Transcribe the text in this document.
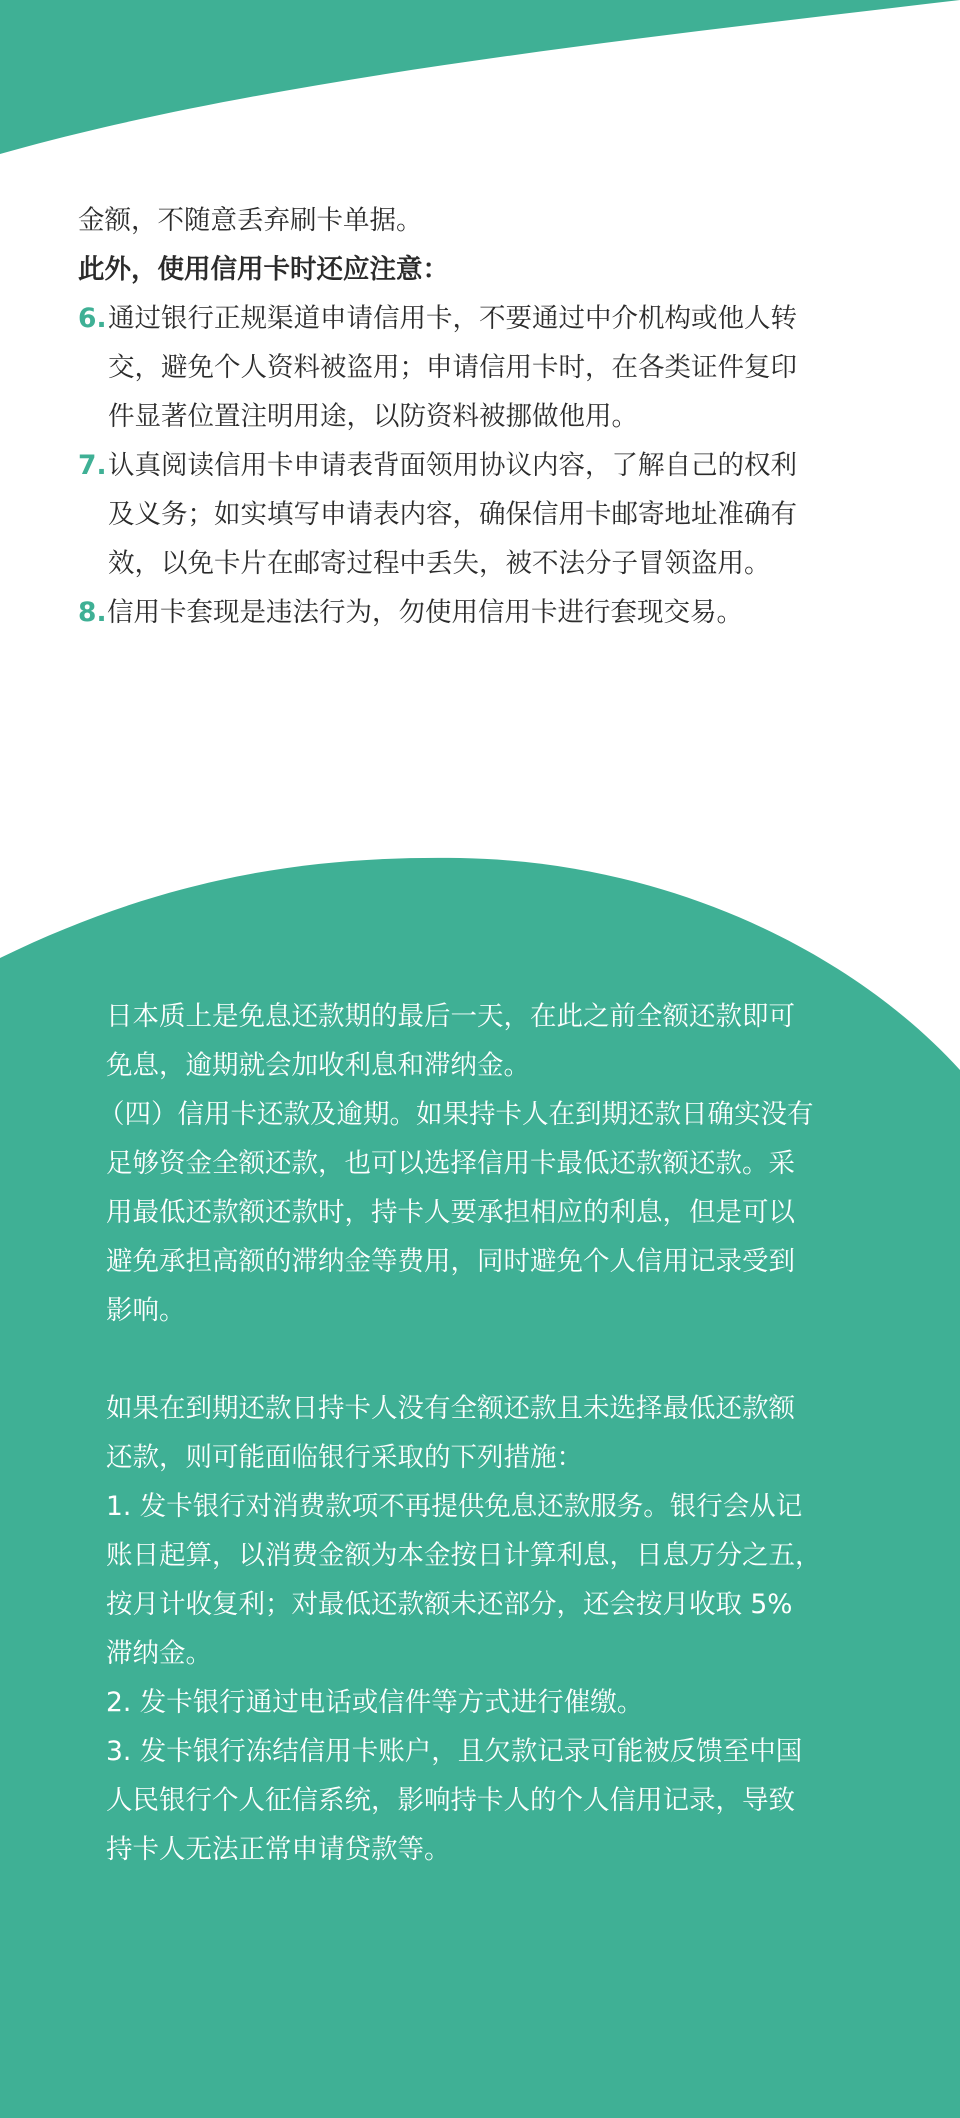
金额，不随意丢弃刷卡单据。

此外，使用信用卡时还应注意：

6. 通过银行正规渠道申请信用卡，不要通过中介机构或他人转

交，避免个人资料被盗用；申请信用卡时，在各类证件复印

件显著位置注明用途，以防资料被挪做他用。

7. 认真阅读信用卡申请表背面领用协议内容，了解自己的权利

及义务；如实填写申请表内容，确保信用卡邮寄地址准确有

效，以免卡片在邮寄过程中丢失，被不法分子冒领盗用。

8. 信用卡套现是违法行为，勿使用信用卡进行套现交易。

日本质上是免息还款期的最后一天，在此之前全额还款即可

免息，逾期就会加收利息和滞纳金。

（四）信用卡还款及逾期。如果持卡人在到期还款日确实没有

足够资金全额还款，也可以选择信用卡最低还款额还款。采

用最低还款额还款时，持卡人要承担相应的利息，但是可以

避免承担高额的滞纳金等费用，同时避免个人信用记录受到

影响。

如果在到期还款日持卡人没有全额还款且未选择最低还款额

还款，则可能面临银行采取的下列措施：

1. 发卡银行对消费款项不再提供免息还款服务。银行会从记

账日起算，以消费金额为本金按日计算利息，日息万分之五，

按月计收复利；对最低还款额未还部分，还会按月收取 5%

滞纳金。

2. 发卡银行通过电话或信件等方式进行催缴。

3. 发卡银行冻结信用卡账户，且欠款记录可能被反馈至中国

人民银行个人征信系统，影响持卡人的个人信用记录，导致

持卡人无法正常申请贷款等。
